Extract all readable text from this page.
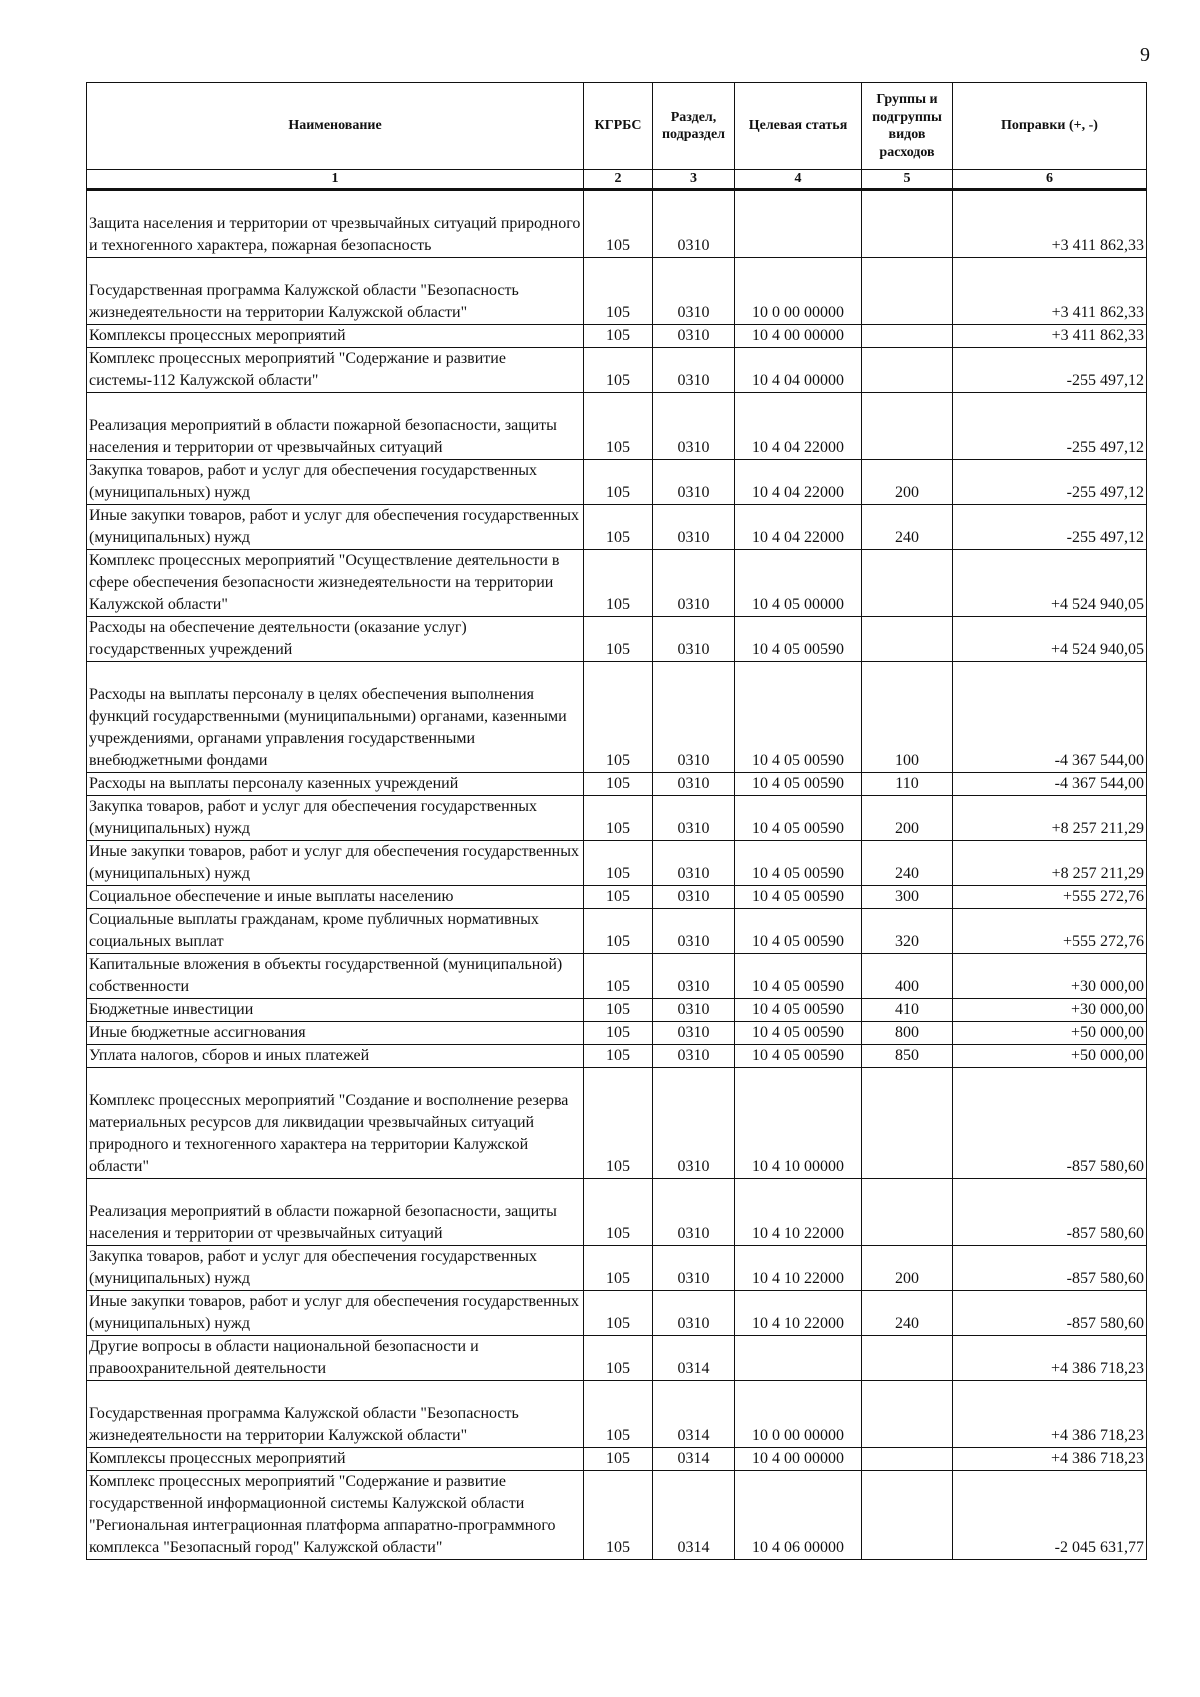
9
Наименование	КГРБС	Раздел, подраздел	Целевая статья	Группы и подгруппы видов расходов	Поправки (+, -)
1	2	3	4	5	6
Защита населения и территории от чрезвычайных ситуаций природного и техногенного характера, пожарная безопасность	105	0310			+3 411 862,33
Государственная программа Калужской области "Безопасность жизнедеятельности на территории Калужской области"	105	0310	10 0 00 00000		+3 411 862,33
Комплексы процессных мероприятий	105	0310	10 4 00 00000		+3 411 862,33
Комплекс процессных мероприятий "Содержание и развитие системы-112 Калужской области"	105	0310	10 4 04 00000		-255 497,12
Реализация мероприятий в области пожарной безопасности, защиты населения и территории от чрезвычайных ситуаций	105	0310	10 4 04 22000		-255 497,12
Закупка товаров, работ и услуг для обеспечения государственных (муниципальных) нужд	105	0310	10 4 04 22000	200	-255 497,12
Иные закупки товаров, работ и услуг для обеспечения государственных (муниципальных) нужд	105	0310	10 4 04 22000	240	-255 497,12
Комплекс процессных мероприятий "Осуществление деятельности в сфере обеспечения безопасности жизнедеятельности на территории Калужской области"	105	0310	10 4 05 00000		+4 524 940,05
Расходы на обеспечение деятельности (оказание услуг) государственных учреждений	105	0310	10 4 05 00590		+4 524 940,05
Расходы на выплаты персоналу в целях обеспечения выполнения функций государственными (муниципальными) органами, казенными учреждениями, органами управления государственными внебюджетными фондами	105	0310	10 4 05 00590	100	-4 367 544,00
Расходы на выплаты персоналу казенных учреждений	105	0310	10 4 05 00590	110	-4 367 544,00
Закупка товаров, работ и услуг для обеспечения государственных (муниципальных) нужд	105	0310	10 4 05 00590	200	+8 257 211,29
Иные закупки товаров, работ и услуг для обеспечения государственных (муниципальных) нужд	105	0310	10 4 05 00590	240	+8 257 211,29
Социальное обеспечение и иные выплаты населению	105	0310	10 4 05 00590	300	+555 272,76
Социальные выплаты гражданам, кроме публичных нормативных социальных выплат	105	0310	10 4 05 00590	320	+555 272,76
Капитальные вложения в объекты государственной (муниципальной) собственности	105	0310	10 4 05 00590	400	+30 000,00
Бюджетные инвестиции	105	0310	10 4 05 00590	410	+30 000,00
Иные бюджетные ассигнования	105	0310	10 4 05 00590	800	+50 000,00
Уплата налогов, сборов и иных платежей	105	0310	10 4 05 00590	850	+50 000,00
Комплекс процессных мероприятий "Создание и восполнение резерва материальных ресурсов для ликвидации чрезвычайных ситуаций природного и техногенного характера на территории Калужской области"	105	0310	10 4 10 00000		-857 580,60
Реализация мероприятий в области пожарной безопасности, защиты населения и территории от чрезвычайных ситуаций	105	0310	10 4 10 22000		-857 580,60
Закупка товаров, работ и услуг для обеспечения государственных (муниципальных) нужд	105	0310	10 4 10 22000	200	-857 580,60
Иные закупки товаров, работ и услуг для обеспечения государственных (муниципальных) нужд	105	0310	10 4 10 22000	240	-857 580,60
Другие вопросы в области национальной безопасности и правоохранительной деятельности	105	0314			+4 386 718,23
Государственная программа Калужской области "Безопасность жизнедеятельности на территории Калужской области"	105	0314	10 0 00 00000		+4 386 718,23
Комплексы процессных мероприятий	105	0314	10 4 00 00000		+4 386 718,23
Комплекс процессных мероприятий "Содержание и развитие государственной информационной системы Калужской области "Региональная интеграционная платформа аппаратно-программного комплекса "Безопасный город" Калужской области"	105	0314	10 4 06 00000		-2 045 631,77
